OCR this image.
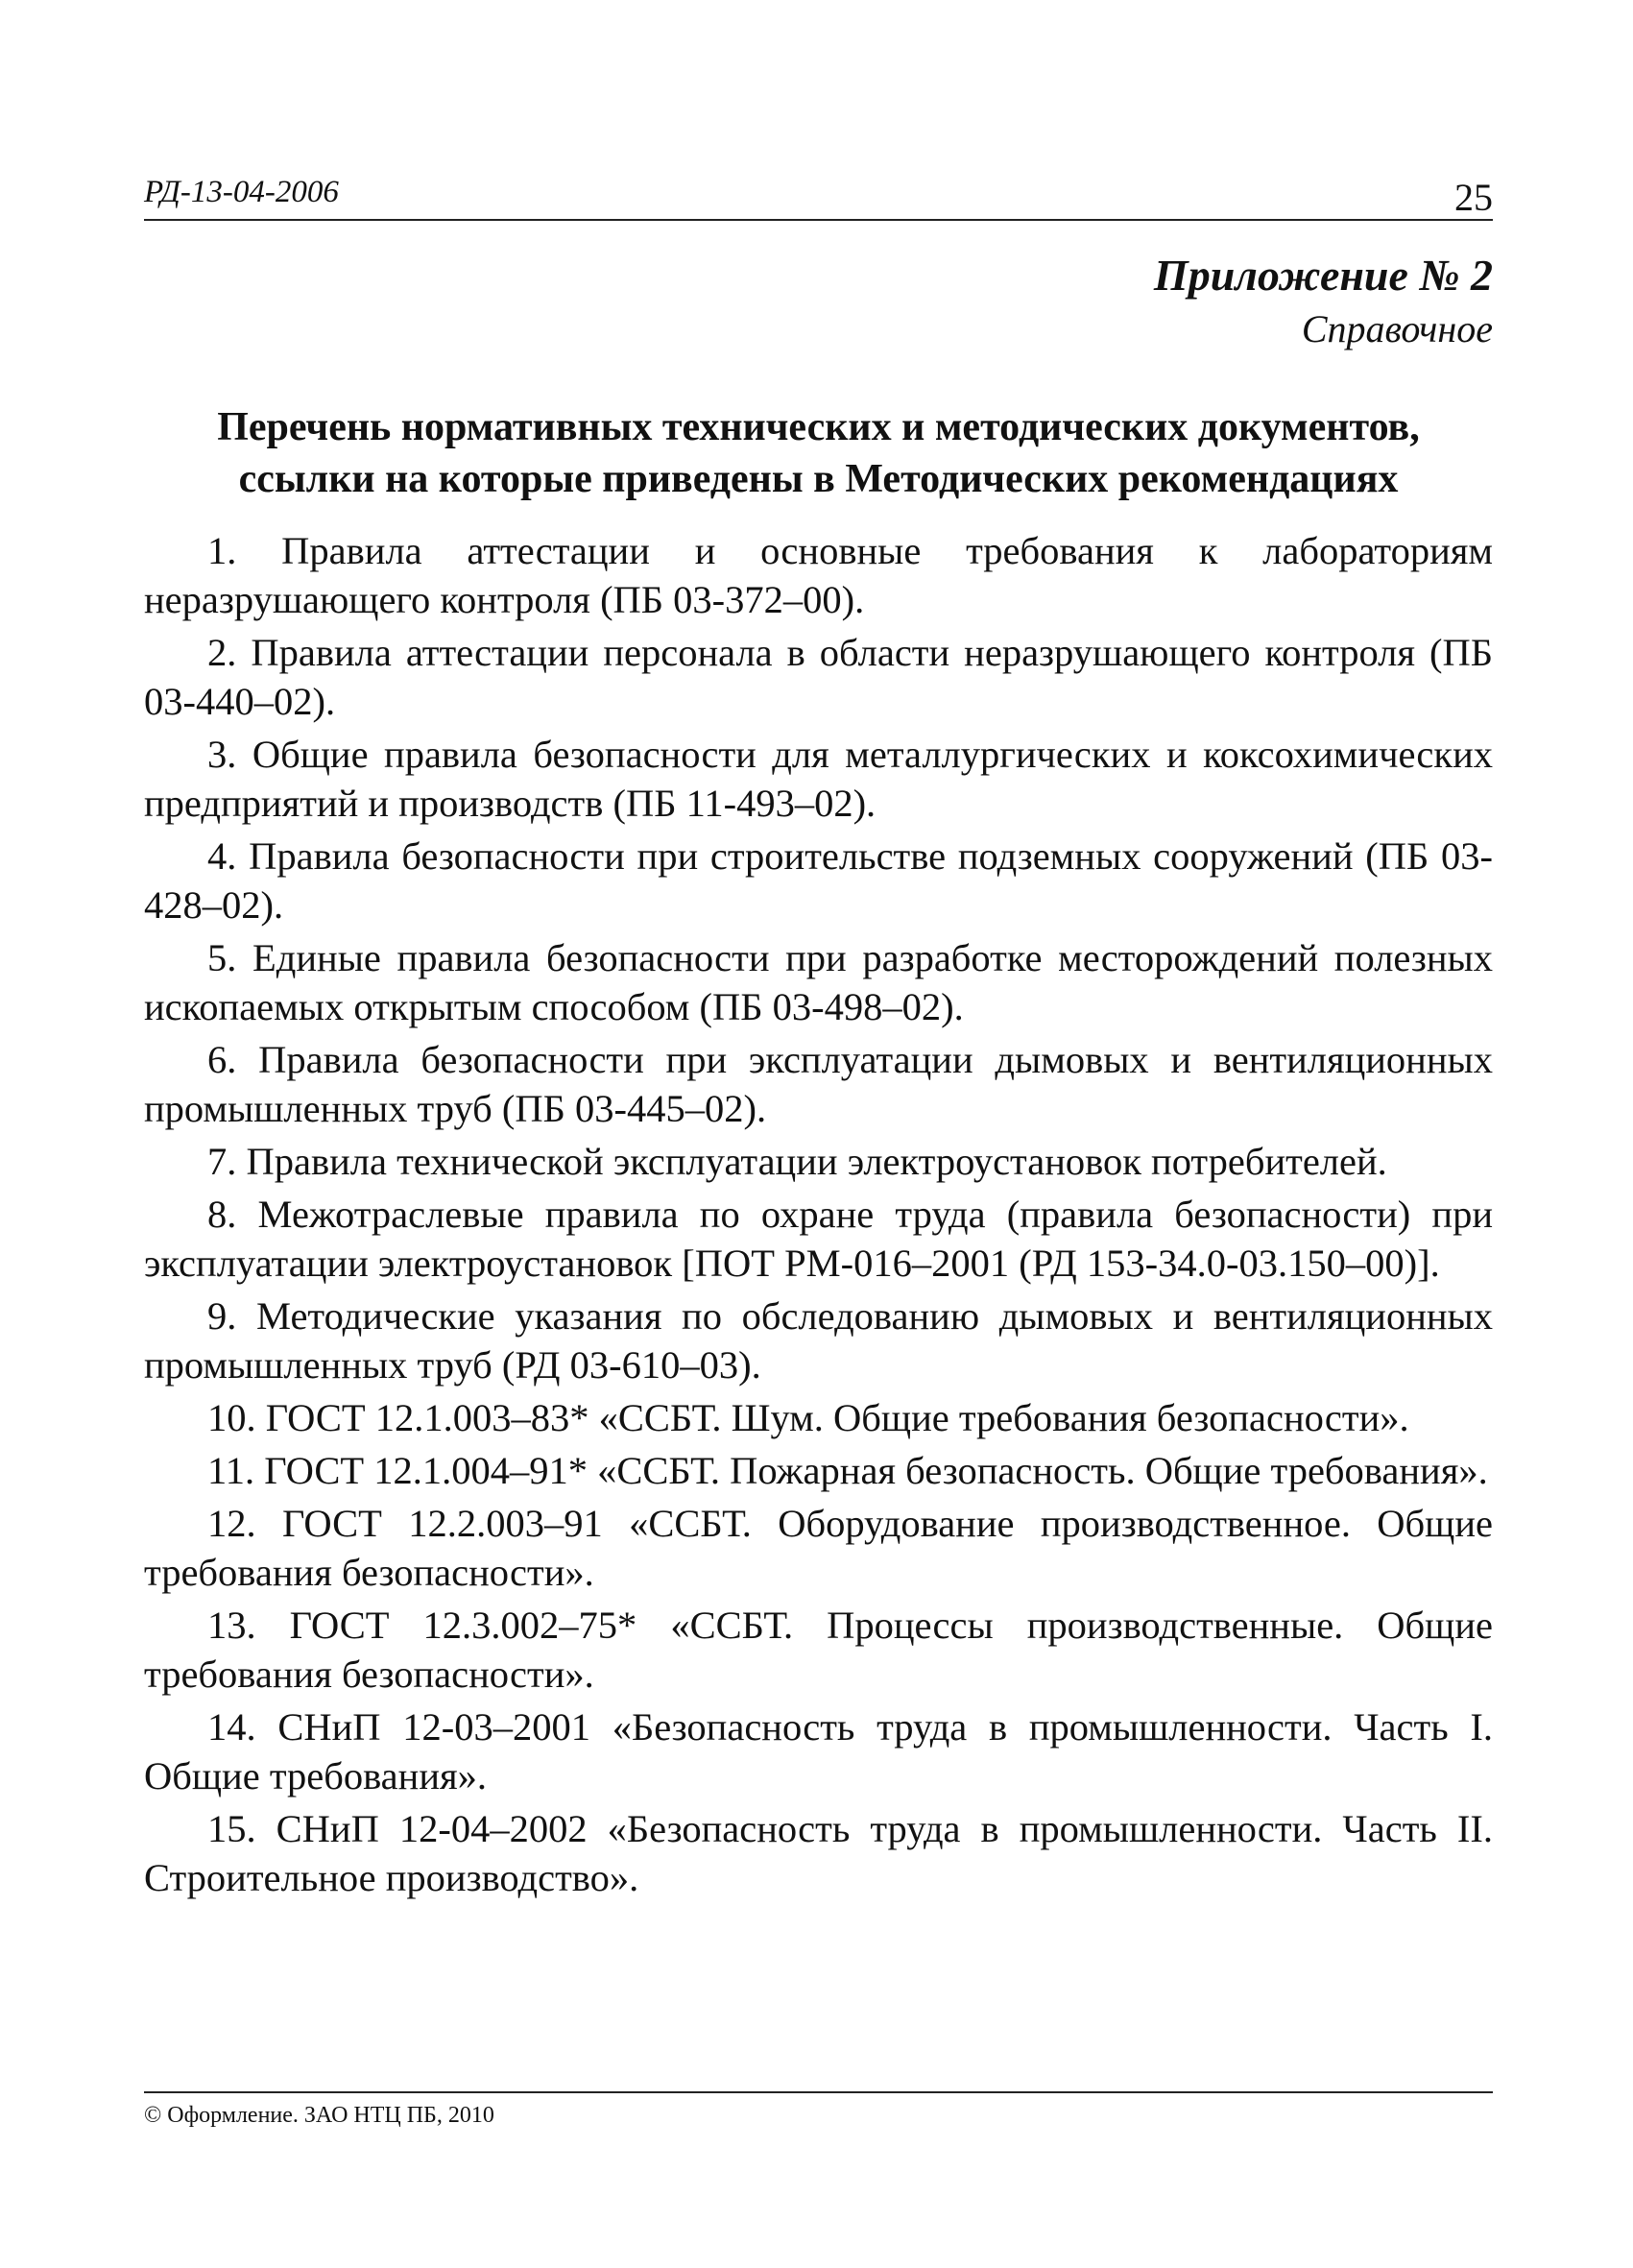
РД-13-04-2006	25
Приложение № 2
Справочное
Перечень нормативных технических и методических документов,
ссылки на которые приведены в Методических рекомендациях

1. Правила аттестации и основные требования к лабораториям неразрушающего контроля (ПБ 03-372–00).

2. Правила аттестации персонала в области неразрушающего контроля (ПБ 03-440–02).

3. Общие правила безопасности для металлургических и коксохимических предприятий и производств (ПБ 11-493–02).

4. Правила безопасности при строительстве подземных сооружений (ПБ 03-428–02).

5. Единые правила безопасности при разработке месторождений полезных ископаемых открытым способом (ПБ 03-498–02).

6. Правила безопасности при эксплуатации дымовых и вентиляционных промышленных труб (ПБ 03-445–02).

7. Правила технической эксплуатации электроустановок потребителей.

8. Межотраслевые правила по охране труда (правила безопасности) при эксплуатации электроустановок [ПОТ РМ-016–2001 (РД 153-34.0-03.150–00)].

9. Методические указания по обследованию дымовых и вентиляционных промышленных труб (РД 03-610–03).

10. ГОСТ 12.1.003–83* «ССБТ. Шум. Общие требования безопасности».

11. ГОСТ 12.1.004–91* «ССБТ. Пожарная безопасность. Общие требования».

12. ГОСТ 12.2.003–91 «ССБТ. Оборудование производственное. Общие требования безопасности».

13. ГОСТ 12.3.002–75* «ССБТ. Процессы производственные. Общие требования безопасности».

14. СНиП 12-03–2001 «Безопасность труда в промышленности. Часть I. Общие требования».

15. СНиП 12-04–2002 «Безопасность труда в промышленности. Часть II. Строительное производство».

© Оформление. ЗАО НТЦ ПБ, 2010
